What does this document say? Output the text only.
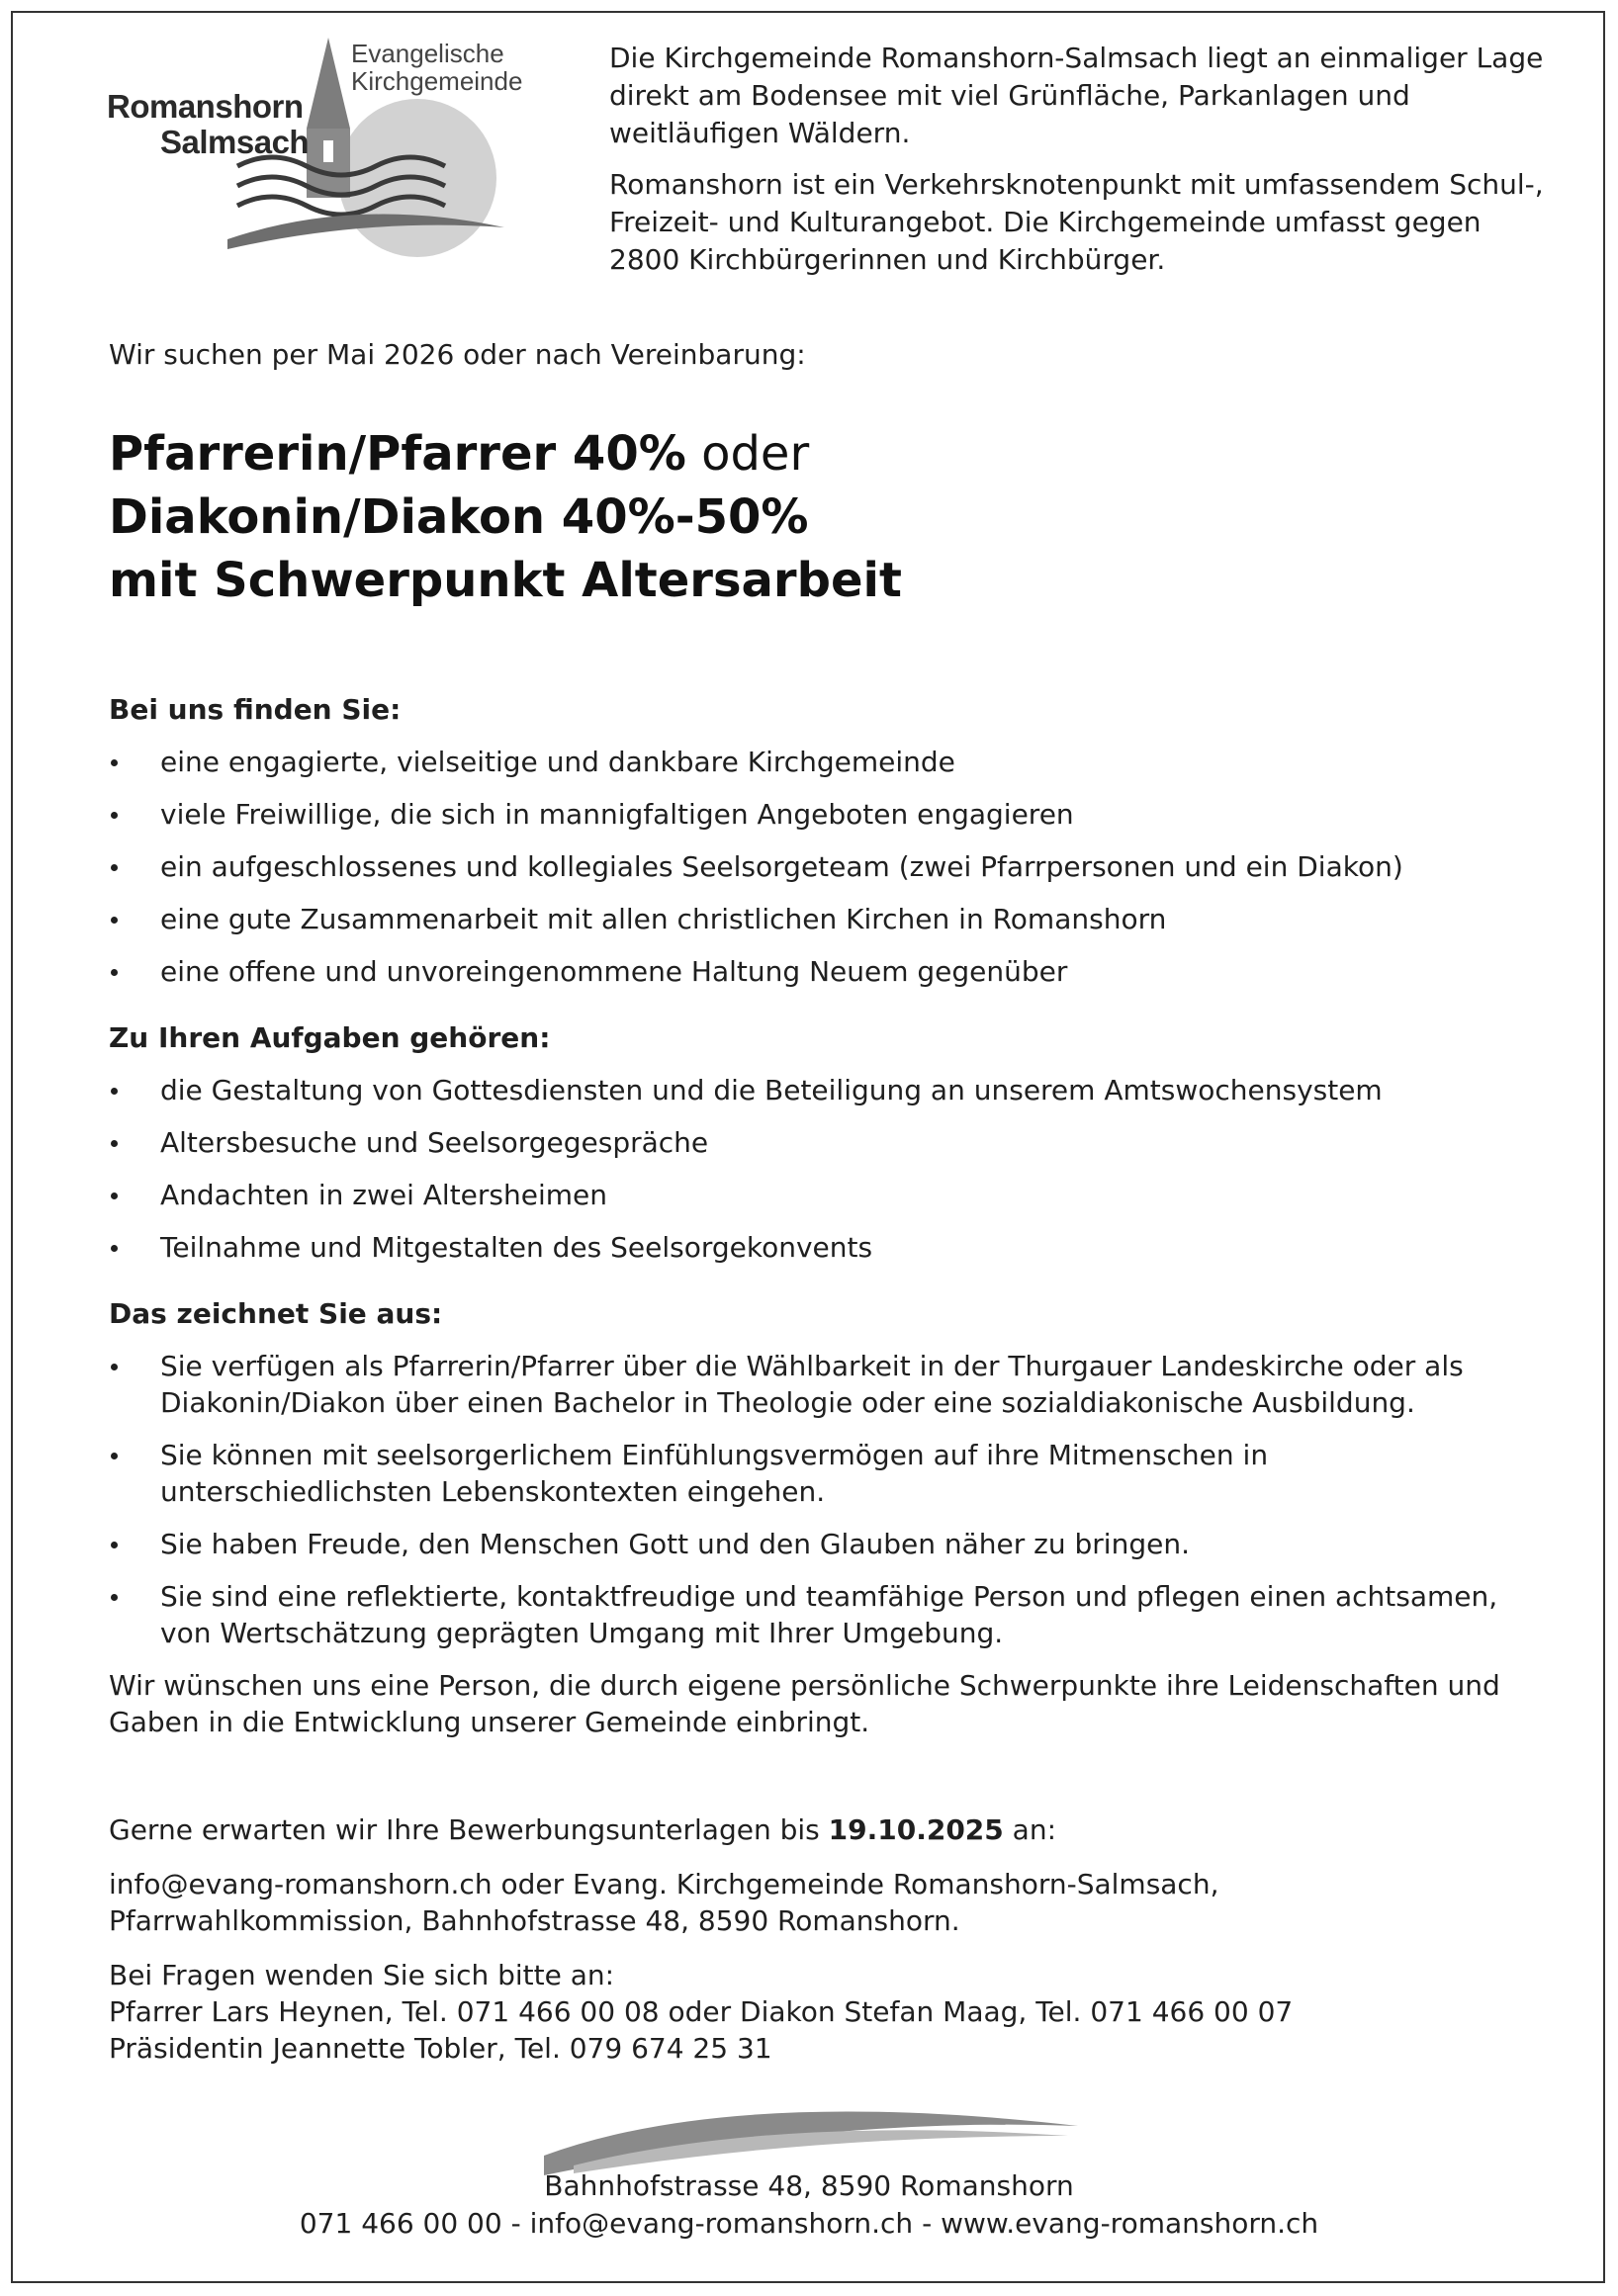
Evangelische
Kirchgemeinde
Romanshorn
Salmsach

Die Kirchgemeinde Romanshorn-Salmsach liegt an einmaliger Lage direkt am Bodensee mit viel Grünfläche, Parkanlagen und weitläufigen Wäldern.

Romanshorn ist ein Verkehrsknotenpunkt mit umfassendem Schul-, Freizeit- und Kulturangebot. Die Kirchgemeinde umfasst gegen 2800 Kirchbürgerinnen und Kirchbürger.

Wir suchen per Mai 2026 oder nach Vereinbarung:

Pfarrerin/Pfarrer 40% oder
Diakonin/Diakon 40%-50%
mit Schwerpunkt Altersarbeit

Bei uns finden Sie:

eine engagierte, vielseitige und dankbare Kirchgemeinde
viele Freiwillige, die sich in mannigfaltigen Angeboten engagieren
ein aufgeschlossenes und kollegiales Seelsorgeteam (zwei Pfarrpersonen und ein Diakon)
eine gute Zusammenarbeit mit allen christlichen Kirchen in Romanshorn
eine offene und unvoreingenommene Haltung Neuem gegenüber

Zu Ihren Aufgaben gehören:

die Gestaltung von Gottesdiensten und die Beteiligung an unserem Amtswochensystem
Altersbesuche und Seelsorgegespräche
Andachten in zwei Altersheimen
Teilnahme und Mitgestalten des Seelsorgekonvents

Das zeichnet Sie aus:

Sie verfügen als Pfarrerin/Pfarrer über die Wählbarkeit in der Thurgauer Landeskirche oder als Diakonin/Diakon über einen Bachelor in Theologie oder eine sozialdiakonische Ausbildung.
Sie können mit seelsorgerlichem Einfühlungsvermögen auf ihre Mitmenschen in unterschiedlichsten Lebenskontexten eingehen.
Sie haben Freude, den Menschen Gott und den Glauben näher zu bringen.
Sie sind eine reflektierte, kontaktfreudige und teamfähige Person und pflegen einen achtsamen, von Wertschätzung geprägten Umgang mit Ihrer Umgebung.

Wir wünschen uns eine Person, die durch eigene persönliche Schwerpunkte ihre Leidenschaften und Gaben in die Entwicklung unserer Gemeinde einbringt.

Gerne erwarten wir Ihre Bewerbungsunterlagen bis 19.10.2025 an:

info@evang-romanshorn.ch oder Evang. Kirchgemeinde Romanshorn-Salmsach,
Pfarrwahlkommission, Bahnhofstrasse 48, 8590 Romanshorn.

Bei Fragen wenden Sie sich bitte an:
Pfarrer Lars Heynen, Tel. 071 466 00 08 oder Diakon Stefan Maag, Tel. 071 466 00 07
Präsidentin Jeannette Tobler, Tel. 079 674 25 31

Bahnhofstrasse 48, 8590 Romanshorn
071 466 00 00 - info@evang-romanshorn.ch - www.evang-romanshorn.ch
